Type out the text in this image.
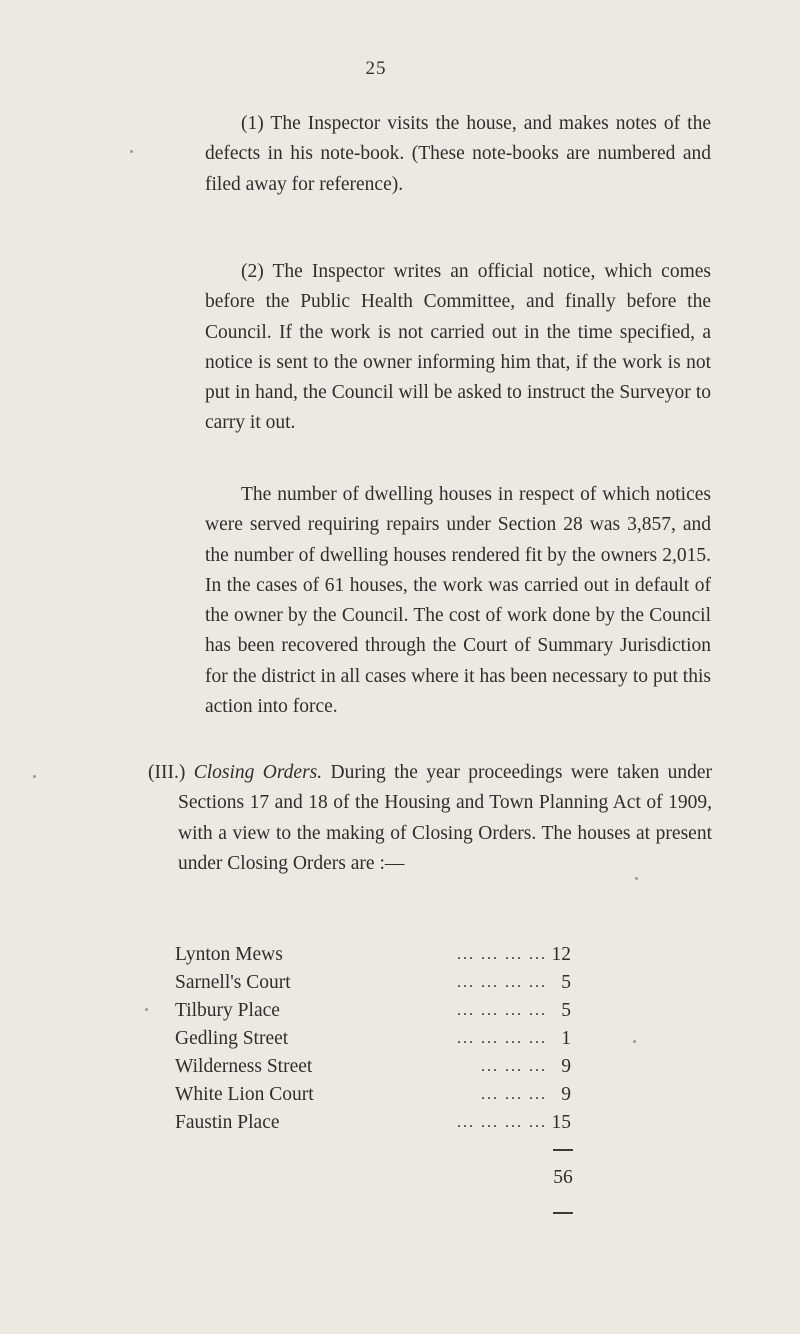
25

(1) The Inspector visits the house, and makes notes of the defects in his note-book. (These note-books are numbered and filed away for reference).

(2) The Inspector writes an official notice, which comes before the Public Health Committee, and finally before the Council. If the work is not carried out in the time specified, a notice is sent to the owner informing him that, if the work is not put in hand, the Council will be asked to instruct the Surveyor to carry it out.

The number of dwelling houses in respect of which notices were served requiring repairs under Section 28 was 3,857, and the number of dwelling houses rendered fit by the owners 2,015. In the cases of 61 houses, the work was carried out in default of the owner by the Council. The cost of work done by the Council has been recovered through the Court of Summary Jurisdiction for the district in all cases where it has been necessary to put this action into force.

(III.) Closing Orders. During the year proceedings were taken under Sections 17 and 18 of the Housing and Town Planning Act of 1909, with a view to the making of Closing Orders. The houses at present under Closing Orders are :—

Lynton Mews	... ... ... ... 12
Sarnell's Court	... ... ... ... 5
Tilbury Place	... ... ... ... 5
Gedling Street	... ... ... ... 1
Wilderness Street	... ... ... 9
White Lion Court	... ... ... 9
Faustin Place	... ... ... ... 15
56
